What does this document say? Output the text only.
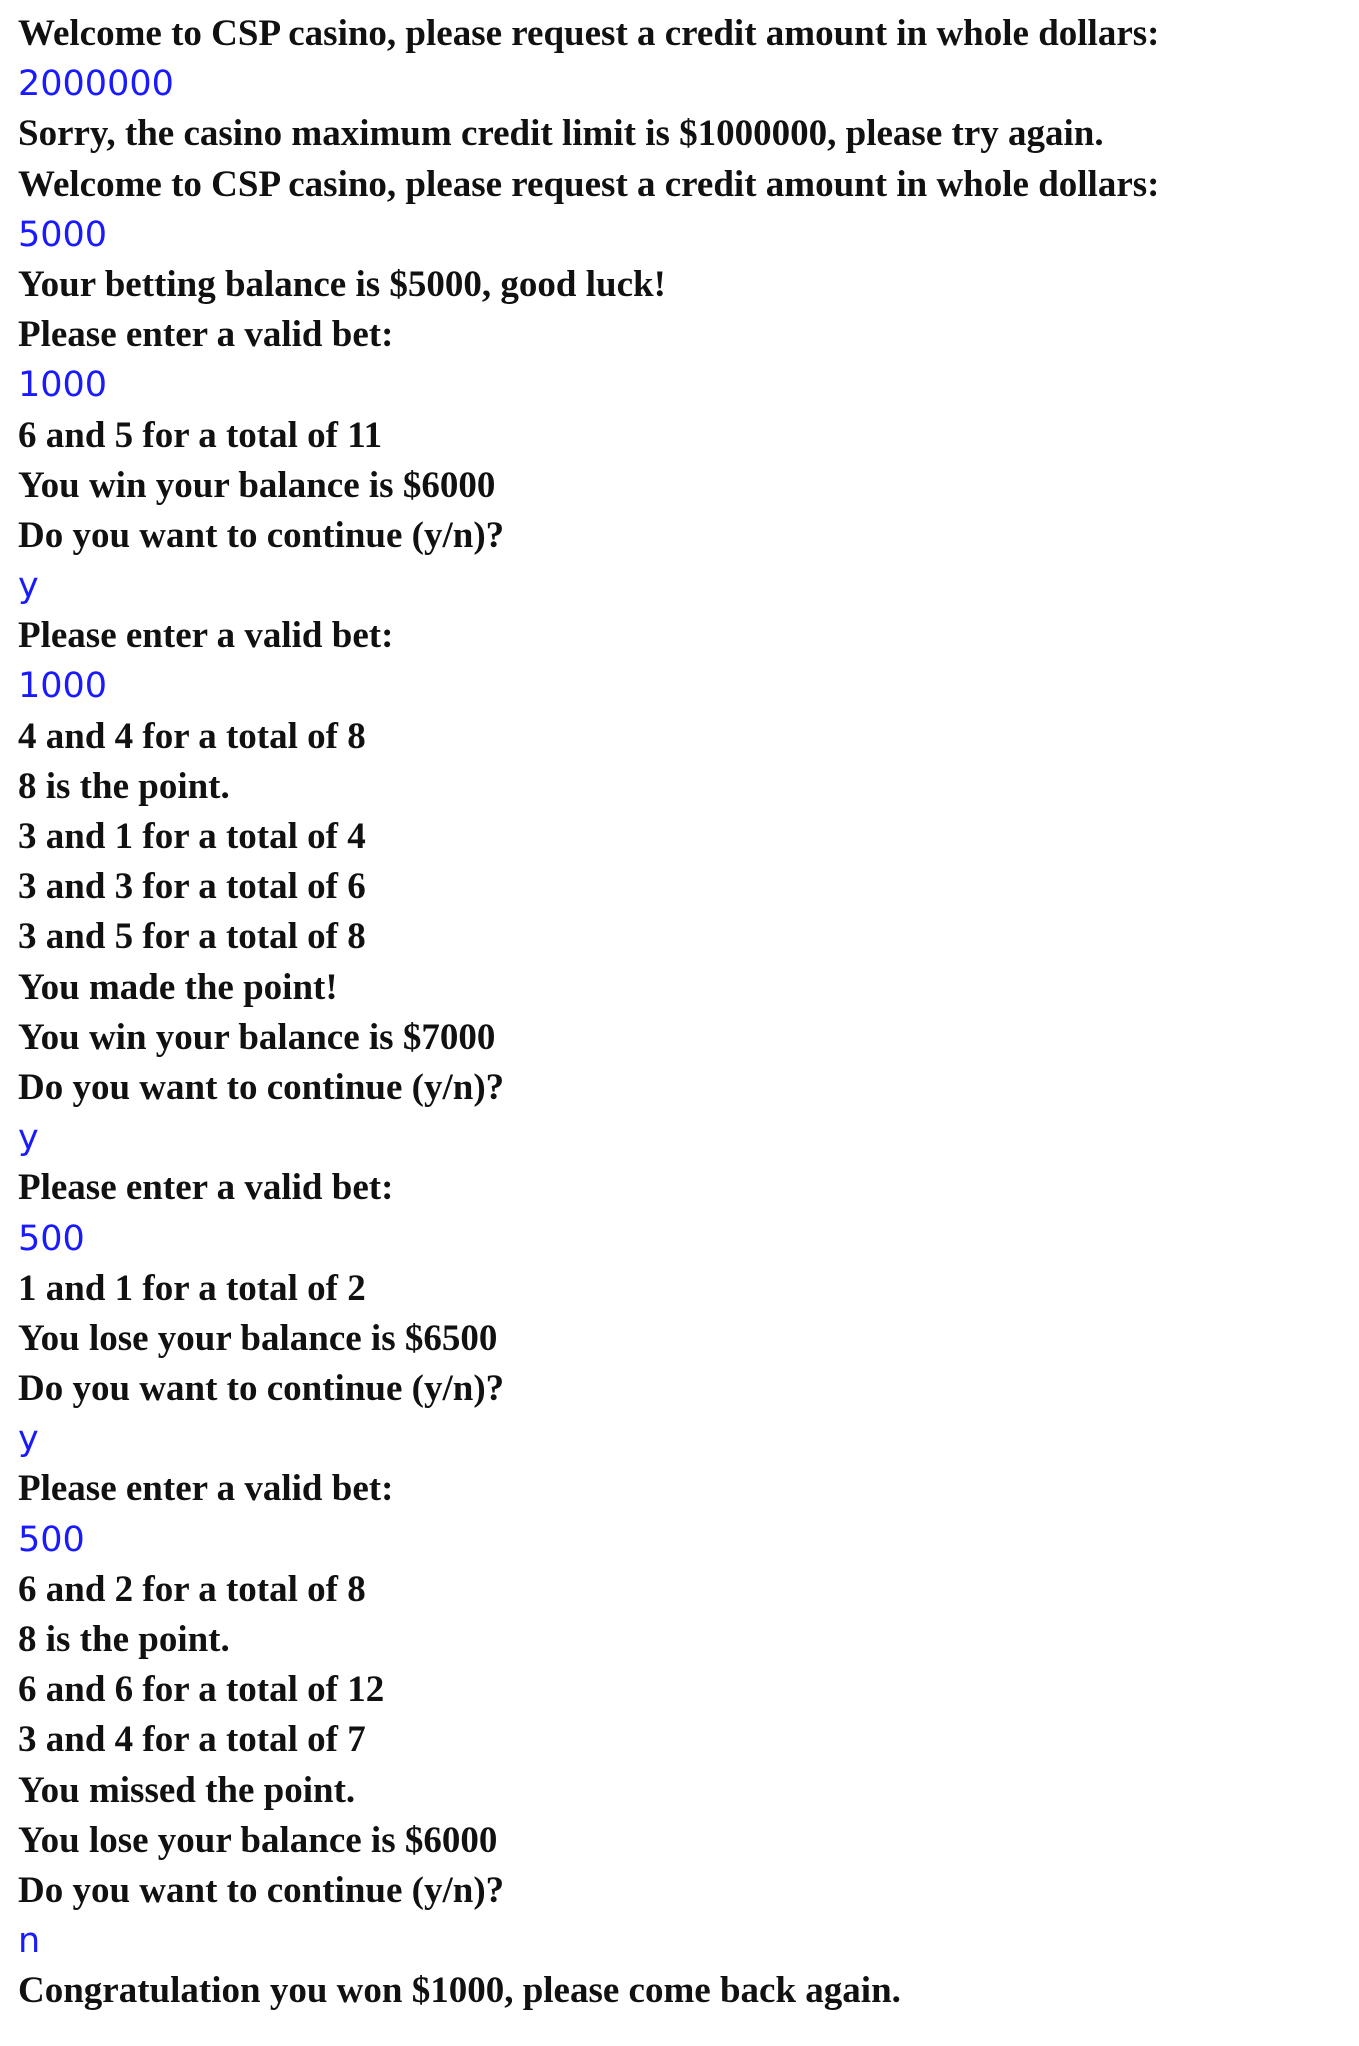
Welcome to CSP casino, please request a credit amount in whole dollars:
2000000
Sorry, the casino maximum credit limit is $1000000, please try again.
Welcome to CSP casino, please request a credit amount in whole dollars:
5000
Your betting balance is $5000, good luck!
Please enter a valid bet:
1000
6 and 5 for a total of 11
You win your balance is $6000
Do you want to continue (y/n)?
y
Please enter a valid bet:
1000
4 and 4 for a total of 8
8 is the point.
3 and 1 for a total of 4
3 and 3 for a total of 6
3 and 5 for a total of 8
You made the point!
You win your balance is $7000
Do you want to continue (y/n)?
y
Please enter a valid bet:
500
1 and 1 for a total of 2
You lose your balance is $6500
Do you want to continue (y/n)?
y
Please enter a valid bet:
500
6 and 2 for a total of 8
8 is the point.
6 and 6 for a total of 12
3 and 4 for a total of 7
You missed the point.
You lose your balance is $6000
Do you want to continue (y/n)?
n
Congratulation you won $1000, please come back again.
